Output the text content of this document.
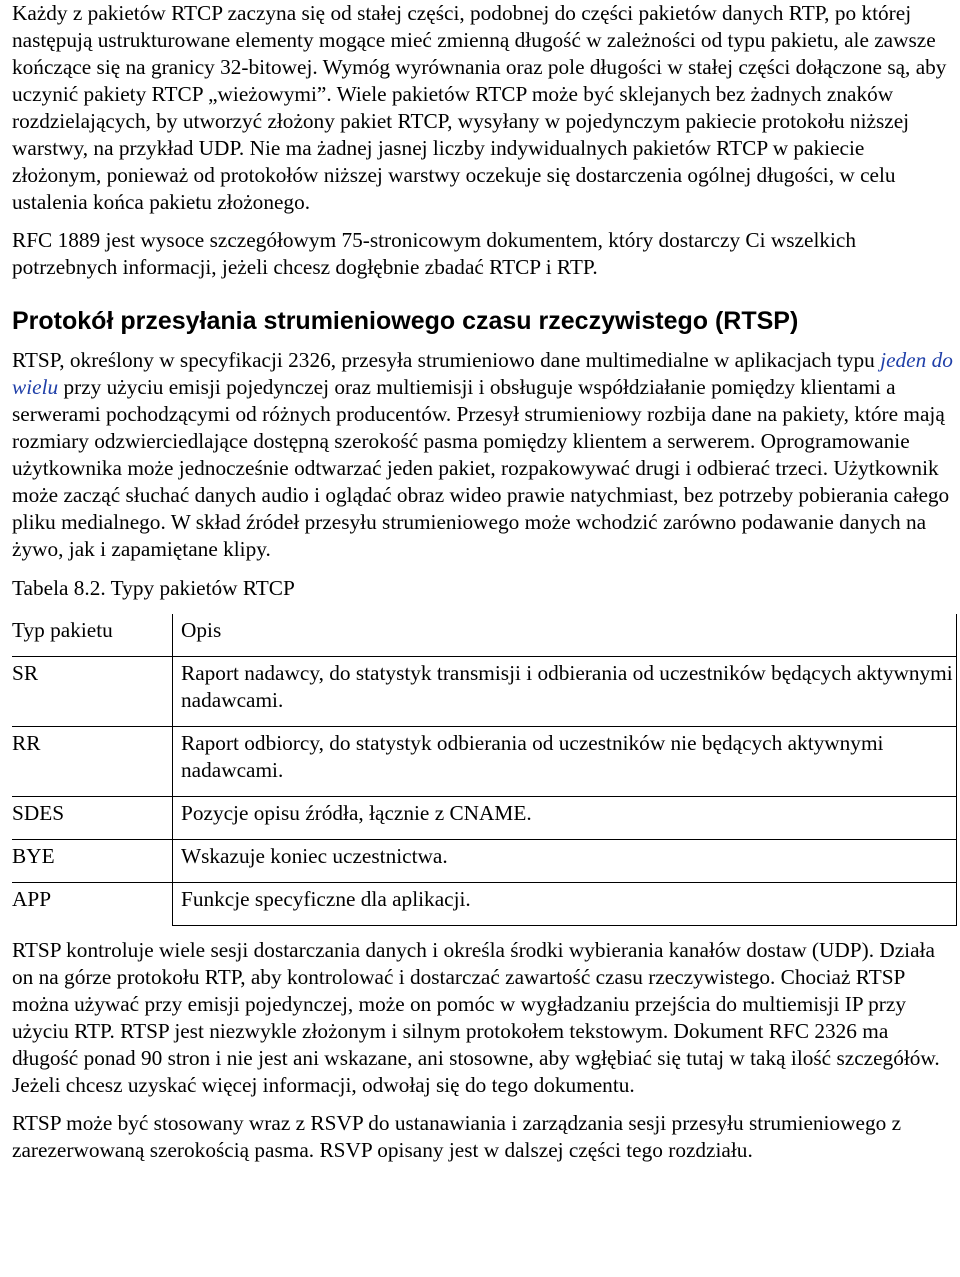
Każdy z pakietów RTCP zaczyna się od stałej części, podobnej do części pakietów danych RTP, po której następują ustrukturowane elementy mogące mieć zmienną długość w zależności od typu pakietu, ale zawsze kończące się na granicy 32-bitowej. Wymóg wyrównania oraz pole długości w stałej części dołączone są, aby uczynić pakiety RTCP „wieżowymi”. Wiele pakietów RTCP może być sklejanych bez żadnych znaków rozdzielających, by utworzyć złożony pakiet RTCP, wysyłany w pojedynczym pakiecie protokołu niższej warstwy, na przykład UDP. Nie ma żadnej jasnej liczby indywidualnych pakietów RTCP w pakiecie złożonym, ponieważ od protokołów niższej warstwy oczekuje się dostarczenia ogólnej długości, w celu ustalenia końca pakietu złożonego.

RFC 1889 jest wysoce szczegółowym 75-stronicowym dokumentem, który dostarczy Ci wszelkich potrzebnych informacji, jeżeli chcesz dogłębnie zbadać RTCP i RTP.

Protokół przesyłania strumieniowego czasu rzeczywistego (RTSP)

RTSP, określony w specyfikacji 2326, przesyła strumieniowo dane multimedialne w aplikacjach typu jeden do wielu przy użyciu emisji pojedynczej oraz multiemisji i obsługuje współdziałanie pomiędzy klientami a serwerami pochodzącymi od różnych producentów. Przesył strumieniowy rozbija dane na pakiety, które mają rozmiary odzwierciedlające dostępną szerokość pasma pomiędzy klientem a serwerem. Oprogramowanie użytkownika może jednocześnie odtwarzać jeden pakiet, rozpakowywać drugi i odbierać trzeci. Użytkownik może zacząć słuchać danych audio i oglądać obraz wideo prawie natychmiast, bez potrzeby pobierania całego pliku medialnego. W skład źródeł przesyłu strumieniowego może wchodzić zarówno podawanie danych na żywo, jak i zapamiętane klipy.

Tabela 8.2. Typy pakietów RTCP

Typ pakietu	Opis
SR	Raport nadawcy, do statystyk transmisji i odbierania od uczestników będących aktywnymi nadawcami.
RR	Raport odbiorcy, do statystyk odbierania od uczestników nie będących aktywnymi nadawcami.
SDES	Pozycje opisu źródła, łącznie z CNAME.
BYE	Wskazuje koniec uczestnictwa.
APP	Funkcje specyficzne dla aplikacji.

RTSP kontroluje wiele sesji dostarczania danych i określa środki wybierania kanałów dostaw (UDP). Działa on na górze protokołu RTP, aby kontrolować i dostarczać zawartość czasu rzeczywistego. Chociaż RTSP można używać przy emisji pojedynczej, może on pomóc w wygładzaniu przejścia do multiemisji IP przy użyciu RTP. RTSP jest niezwykle złożonym i silnym protokołem tekstowym. Dokument RFC 2326 ma długość ponad 90 stron i nie jest ani wskazane, ani stosowne, aby wgłębiać się tutaj w taką ilość szczegółów. Jeżeli chcesz uzyskać więcej informacji, odwołaj się do tego dokumentu.

RTSP może być stosowany wraz z RSVP do ustanawiania i zarządzania sesji przesyłu strumieniowego z zarezerwowaną szerokością pasma. RSVP opisany jest w dalszej części tego rozdziału.
